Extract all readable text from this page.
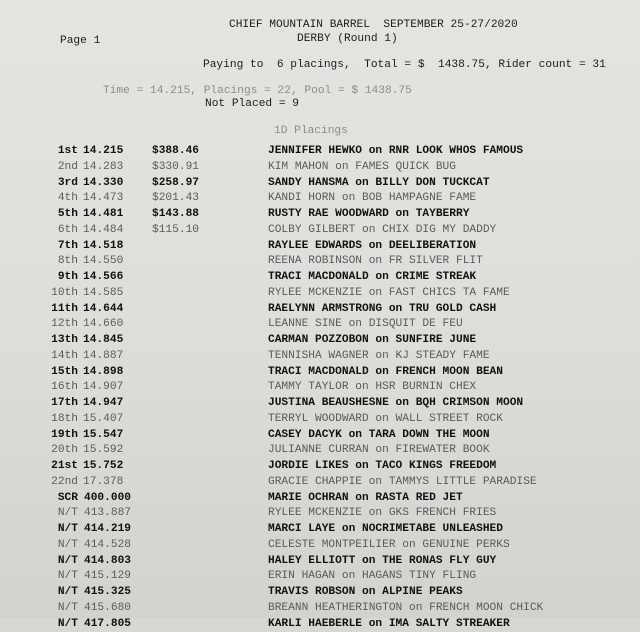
CHIEF MOUNTAIN BARREL  SEPTEMBER 25-27/2020
Page 1	DERBY (Round 1)
Paying to  6 placings,  Total = $  1438.75, Rider count = 31
Time = 14.215, Placings = 22, Pool = $ 1438.75
Not Placed = 9
1D Placings
1st 14.215	$388.46	JENNIFER HEWKO on RNR LOOK WHOS FAMOUS
2nd 14.283	$330.91	KIM MAHON on FAMES QUICK BUG
3rd 14.330	$258.97	SANDY HANSMA on BILLY DON TUCKCAT
4th 14.473	$201.43	KANDI HORN on BOB HAMPAGNE FAME
5th 14.481	$143.88	RUSTY RAE WOODWARD on TAYBERRY
6th 14.484	$115.10	COLBY GILBERT on CHIX DIG MY DADDY
7th 14.518	RAYLEE EDWARDS on DEELIBERATION
8th 14.550	REENA ROBINSON on FR SILVER FLIT
9th 14.566	TRACI MACDONALD on CRIME STREAK
10th 14.585	RYLEE MCKENZIE on FAST CHICS TA FAME
11th 14.644	RAELYNN ARMSTRONG on TRU GOLD CASH
12th 14.660	LEANNE SINE on DISQUIT DE FEU
13th 14.845	CARMAN POZZOBON on SUNFIRE JUNE
14th 14.887	TENNISHA WAGNER on KJ STEADY FAME
15th 14.898	TRACI MACDONALD on FRENCH MOON BEAN
16th 14.907	TAMMY TAYLOR on HSR BURNIN CHEX
17th 14.947	JUSTINA BEAUSHESNE on BQH CRIMSON MOON
18th 15.407	TERRYL WOODWARD on WALL STREET ROCK
19th 15.547	CASEY DACYK on TARA DOWN THE MOON
20th 15.592	JULIANNE CURRAN on FIREWATER BOOK
21st 15.752	JORDIE LIKES on TACO KINGS FREEDOM
22nd 17.378	GRACIE CHAPPIE on TAMMYS LITTLE PARADISE
SCR 400.000	MARIE OCHRAN on RASTA RED JET
N/T 413.887	RYLEE MCKENZIE on GKS FRENCH FRIES
N/T 414.219	MARCI LAYE on NOCRIMETABE UNLEASHED
N/T 414.528	CELESTE MONTPEILIER on GENUINE PERKS
N/T 414.803	HALEY ELLIOTT on THE RONAS FLY GUY
N/T 415.129	ERIN HAGAN on HAGANS TINY FLING
N/T 415.325	TRAVIS ROBSON on ALPINE PEAKS
N/T 415.680	BREANN HEATHERINGTON on FRENCH MOON CHICK
N/T 417.805	KARLI HAEBERLE on IMA SALTY STREAKER
